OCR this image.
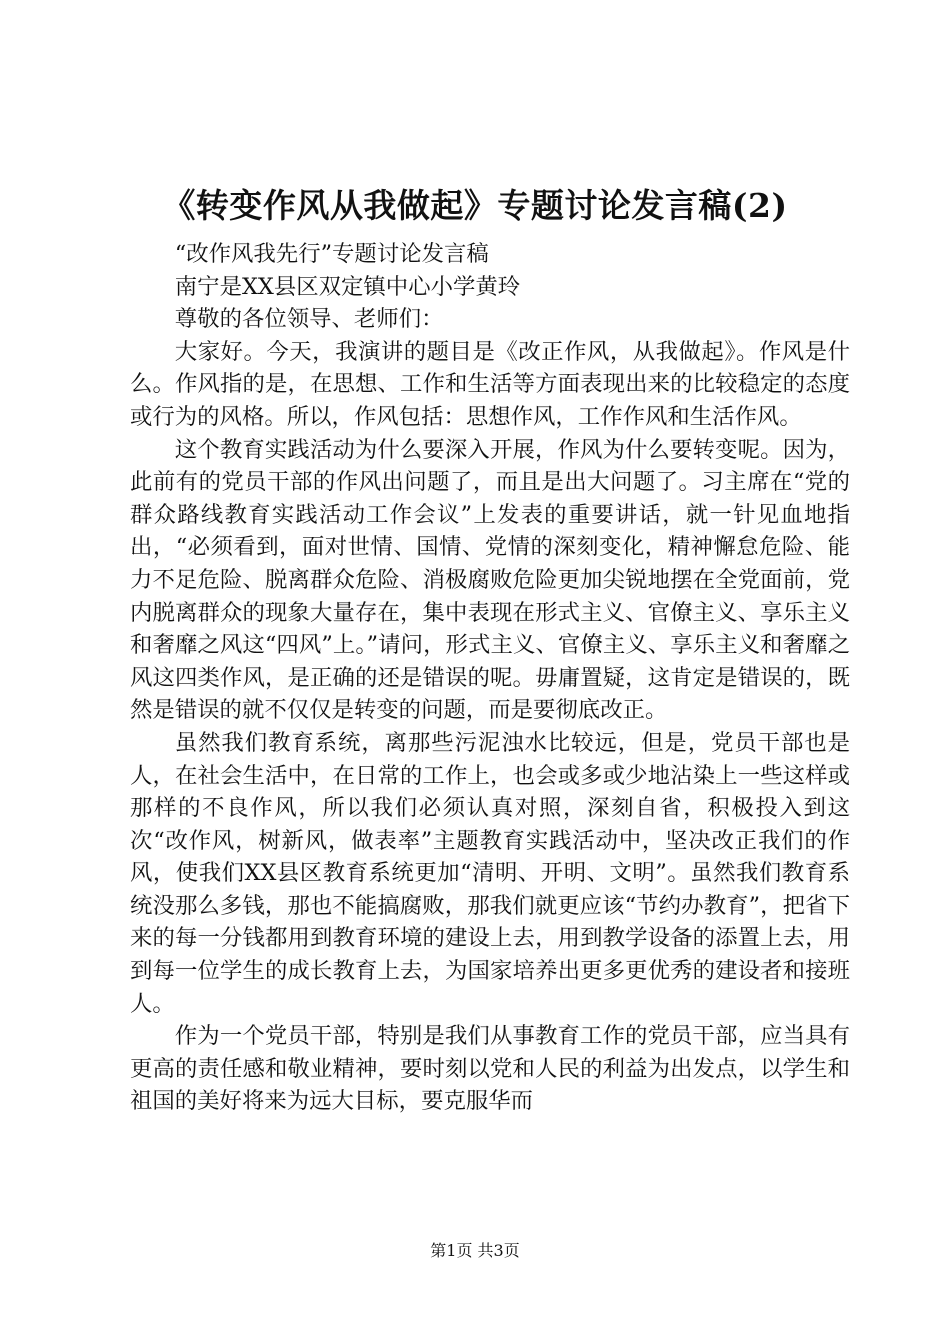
《转变作风从我做起》专题讨论发言稿(2)

“改作风我先行”专题讨论发言稿

南宁是XX县区双定镇中心小学黄玲

尊敬的各位领导、老师们：

大家好。今天，我演讲的题目是《改正作风，从我做起》。作风是什么。作风指的是，在思想、工作和生活等方面表现出来的比较稳定的态度或行为的风格。所以，作风包括：思想作风，工作作风和生活作风。

这个教育实践活动为什么要深入开展，作风为什么要转变呢。因为，此前有的党员干部的作风出问题了，而且是出大问题了。习主席在“党的群众路线教育实践活动工作会议”上发表的重要讲话，就一针见血地指出，“必须看到，面对世情、国情、党情的深刻变化，精神懈怠危险、能力不足危险、脱离群众危险、消极腐败危险更加尖锐地摆在全党面前，党内脱离群众的现象大量存在，集中表现在形式主义、官僚主义、享乐主义和奢靡之风这“四风”上。”请问，形式主义、官僚主义、享乐主义和奢靡之风这四类作风，是正确的还是错误的呢。毋庸置疑，这肯定是错误的，既然是错误的就不仅仅是转变的问题，而是要彻底改正。

虽然我们教育系统，离那些污泥浊水比较远，但是，党员干部也是人，在社会生活中，在日常的工作上，也会或多或少地沾染上一些这样或那样的不良作风，所以我们必须认真对照，深刻自省，积极投入到这次“改作风，树新风，做表率”主题教育实践活动中，坚决改正我们的作风，使我们XX县区教育系统更加“清明、开明、文明”。虽然我们教育系统没那么多钱，那也不能搞腐败，那我们就更应该“节约办教育”，把省下来的每一分钱都用到教育环境的建设上去，用到教学设备的添置上去，用到每一位学生的成长教育上去，为国家培养出更多更优秀的建设者和接班人。

作为一个党员干部，特别是我们从事教育工作的党员干部，应当具有更高的责任感和敬业精神，要时刻以党和人民的利益为出发点，以学生和祖国的美好将来为远大目标，要克服华而

第1页 共3页
